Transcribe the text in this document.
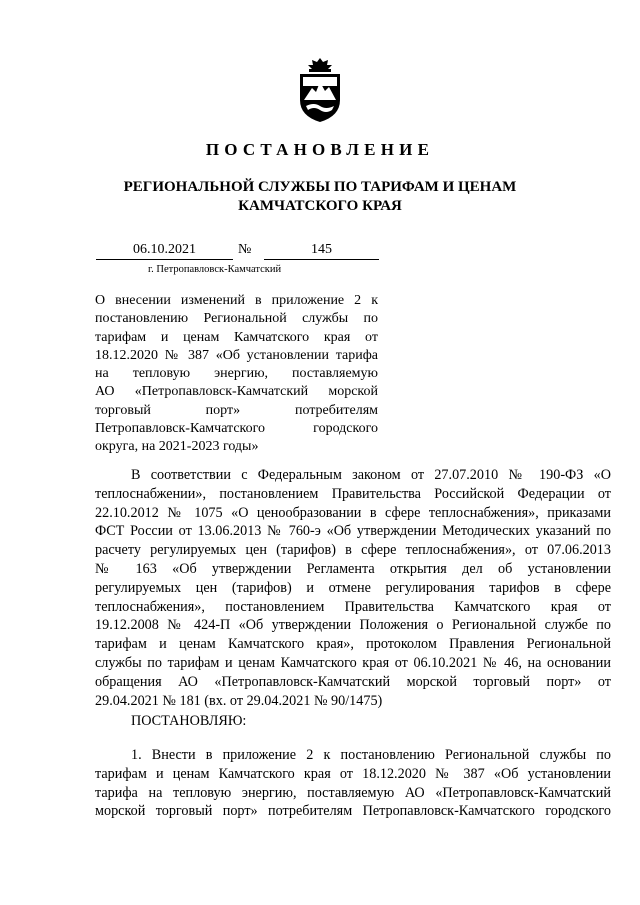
ПОСТАНОВЛЕНИЕ
РЕГИОНАЛЬНОЙ СЛУЖБЫ ПО ТАРИФАМ И ЦЕНАМ
КАМЧАТСКОГО КРАЯ
06.10.2021	№	145
г. Петропавловск-Камчатский
О внесении изменений в приложение 2 к
постановлению Региональной службы по
тарифам и ценам Камчатского края от
18.12.2020 № 387 «Об установлении тарифа
на тепловую энергию, поставляемую
АО «Петропавловск-Камчатский морской
торговый порт» потребителям
Петропавловск-Камчатского городского
округа, на 2021-2023 годы»
В соответствии с Федеральным законом от 27.07.2010 № 190-ФЗ «О
теплоснабжении», постановлением Правительства Российской Федерации от
22.10.2012 № 1075 «О ценообразовании в сфере теплоснабжения», приказами
ФСТ России от 13.06.2013 № 760-э «Об утверждении Методических указаний по
расчету регулируемых цен (тарифов) в сфере теплоснабжения», от 07.06.2013
№ 163 «Об утверждении Регламента открытия дел об установлении
регулируемых цен (тарифов) и отмене регулирования тарифов в сфере
теплоснабжения», постановлением Правительства Камчатского края от
19.12.2008 № 424-П «Об утверждении Положения о Региональной службе по
тарифам и ценам Камчатского края», протоколом Правления Региональной
службы по тарифам и ценам Камчатского края от 06.10.2021 № 46, на основании
обращения АО «Петропавловск-Камчатский морской торговый порт» от
29.04.2021 № 181 (вх. от 29.04.2021 № 90/1475)
ПОСТАНОВЛЯЮ:
1. Внести в приложение 2 к постановлению Региональной службы по
тарифам и ценам Камчатского края от 18.12.2020 № 387 «Об установлении
тарифа на тепловую энергию, поставляемую АО «Петропавловск-Камчатский
морской торговый порт» потребителям Петропавловск-Камчатского городского
